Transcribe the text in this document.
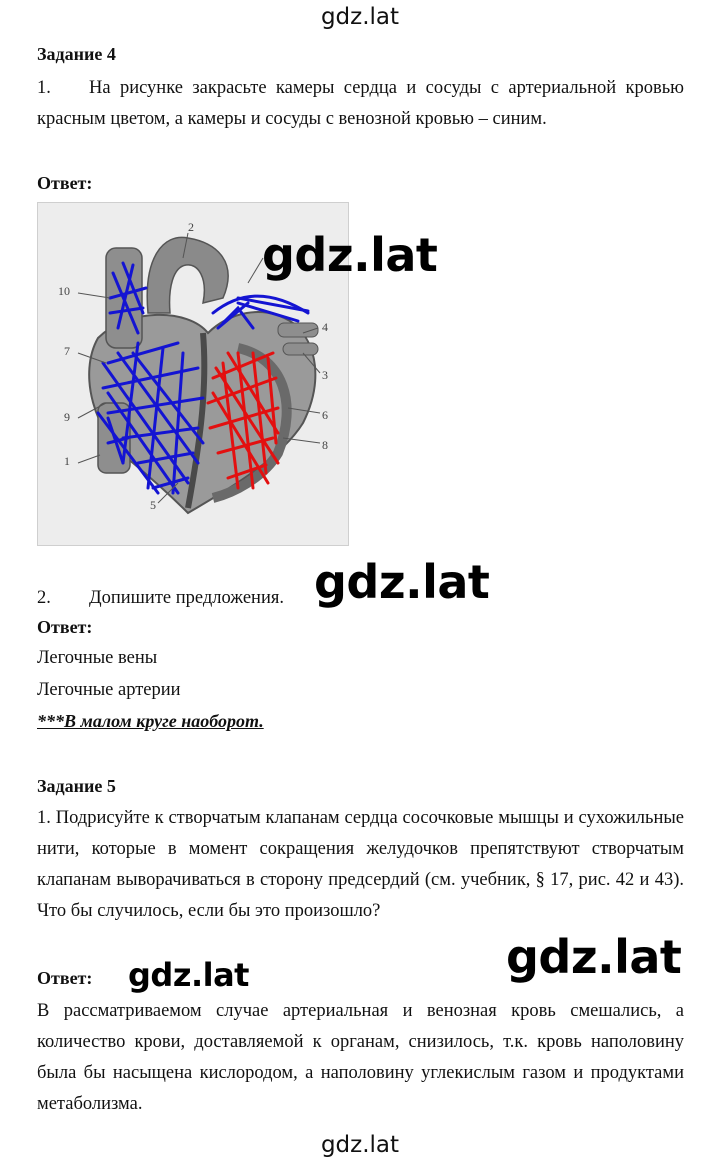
gdz.lat
Задание 4
1. На рисунке закрасьте камеры сердца и сосуды с артериальной кровью красным цветом, а камеры и сосуды с венозной кровью – синим.
Ответ:
1
2
3
4
5
6
7
8
9
10
gdz.lat
2. Допишите предложения. gdz.lat
Ответ:
Легочные вены
Легочные артерии
***В малом круге наоборот.
Задание 5
1. Подрисуйте к створчатым клапанам сердца сосочковые мышцы и сухожильные нити, которые в момент сокращения желудочков препятствуют створчатым клапанам выворачиваться в сторону предсердий (см. учебник, § 17, рис. 42 и 43). Что бы случилось, если бы это произошло?
Ответ: gdz.lat	gdz.lat
В рассматриваемом случае артериальная и венозная кровь смешались, а количество крови, доставляемой к органам, снизилось, т.к. кровь наполовину была бы насыщена кислородом, а наполовину углекислым газом и продуктами метаболизма.
gdz.lat
